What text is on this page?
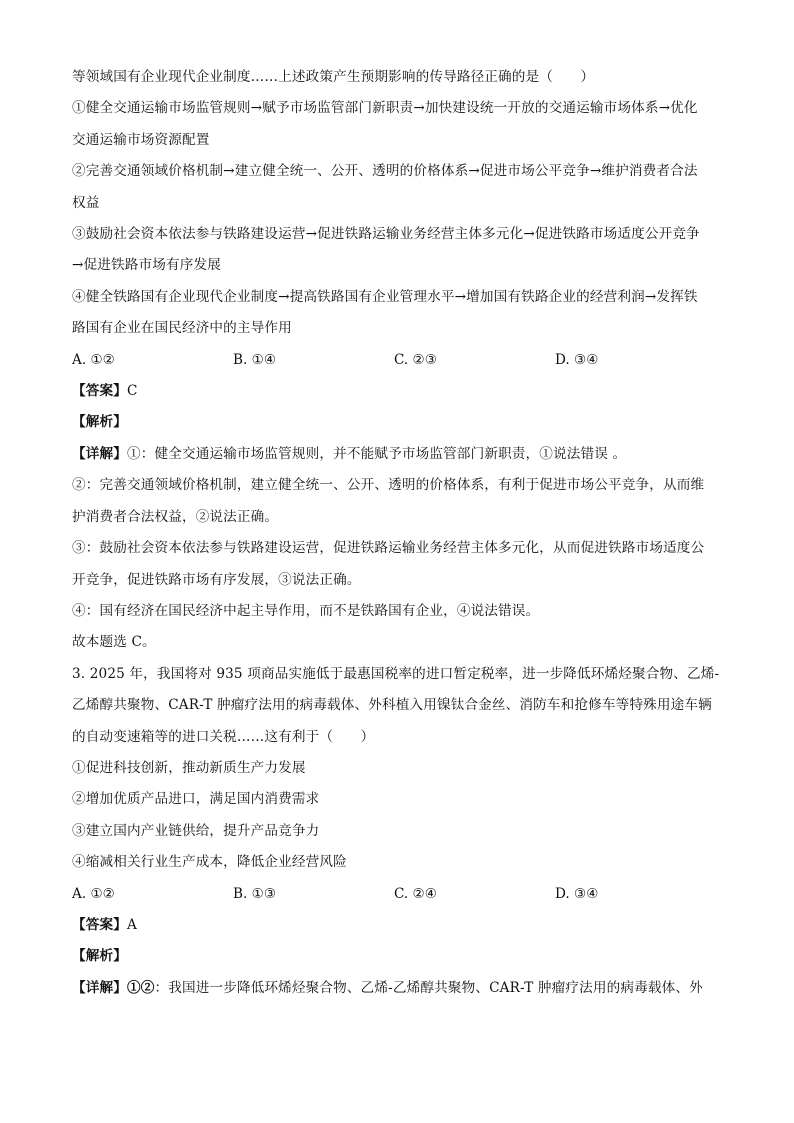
等领域国有企业现代企业制度……上述政策产生预期影响的传导路径正确的是（　　）
①健全交通运输市场监管规则→赋予市场监管部门新职责→加快建设统一开放的交通运输市场体系→优化
交通运输市场资源配置
②完善交通领域价格机制→建立健全统一、公开、透明的价格体系→促进市场公平竞争→维护消费者合法
权益
③鼓励社会资本依法参与铁路建设运营→促进铁路运输业务经营主体多元化→促进铁路市场适度公开竞争
→促进铁路市场有序发展
④健全铁路国有企业现代企业制度→提高铁路国有企业管理水平→增加国有铁路企业的经营利润→发挥铁
路国有企业在国民经济中的主导作用
A. ①②	B. ①④	C. ②③	D. ③④
【答案】C
【解析】
【详解】①：健全交通运输市场监管规则，并不能赋予市场监管部门新职责，①说法错误 。
②：完善交通领域价格机制，建立健全统一、公开、透明的价格体系，有利于促进市场公平竞争，从而维
护消费者合法权益，②说法正确。
③：鼓励社会资本依法参与铁路建设运营，促进铁路运输业务经营主体多元化，从而促进铁路市场适度公
开竞争，促进铁路市场有序发展，③说法正确。
④：国有经济在国民经济中起主导作用，而不是铁路国有企业，④说法错误。
故本题选 C。
3. 2025 年，我国将对 935 项商品实施低于最惠国税率的进口暂定税率，进一步降低环烯烃聚合物、乙烯-
乙烯醇共聚物、CAR-T 肿瘤疗法用的病毒载体、外科植入用镍钛合金丝、消防车和抢修车等特殊用途车辆
的自动变速箱等的进口关税……这有利于（　　）
①促进科技创新，推动新质生产力发展
②增加优质产品进口，满足国内消费需求
③建立国内产业链供给，提升产品竞争力
④缩减相关行业生产成本，降低企业经营风险
A. ①②	B. ①③	C. ②④	D. ③④
【答案】A
【解析】
【详解】①②：我国进一步降低环烯烃聚合物、乙烯-乙烯醇共聚物、CAR-T 肿瘤疗法用的病毒载体、外
